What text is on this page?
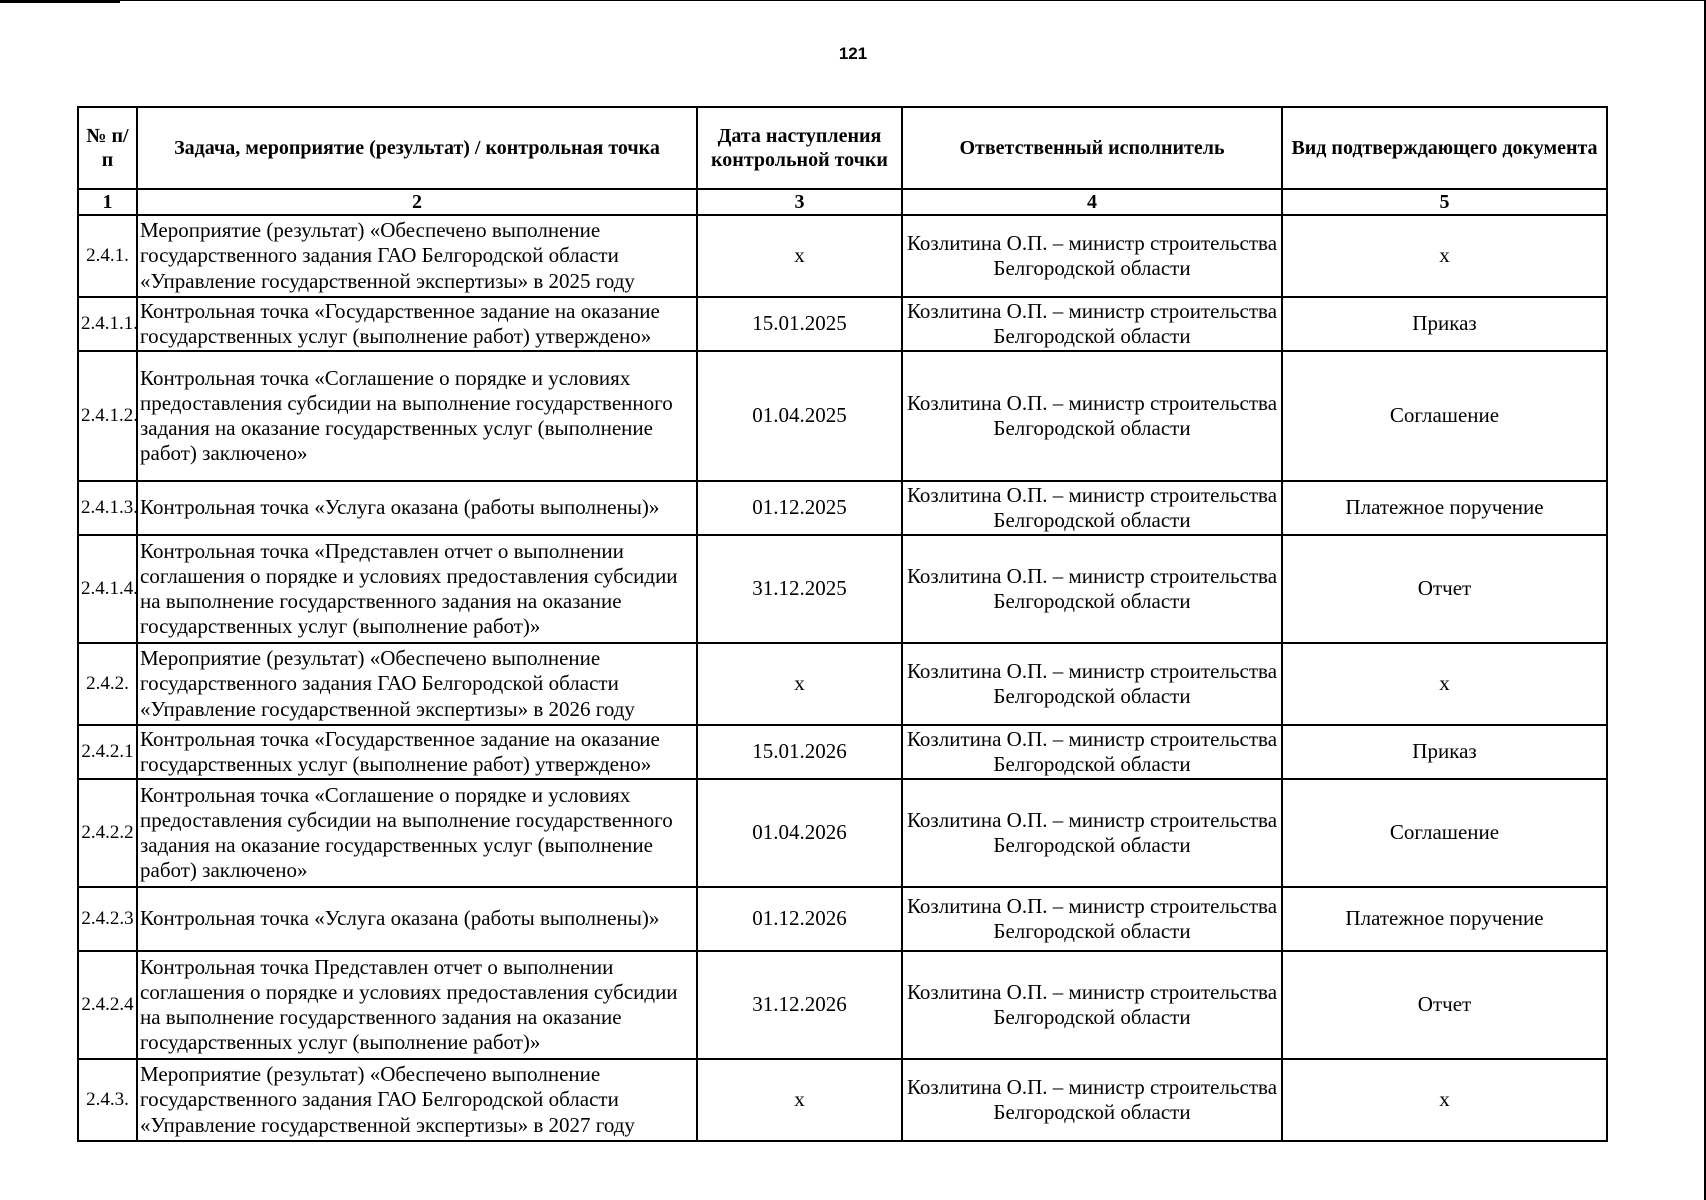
121
№ п/п	Задача, мероприятие (результат) / контрольная точка	Дата наступления контрольной точки	Ответственный исполнитель	Вид подтверждающего документа
1	2	3	4	5
2.4.1.	Мероприятие (результат) «Обеспечено выполнение государственного задания ГАО Белгородской области «Управление государственной экспертизы» в 2025 году	x	Козлитина О.П. – министр строительства Белгородской области	x
2.4.1.1.	Контрольная точка «Государственное задание на оказание государственных услуг (выполнение работ) утверждено»	15.01.2025	Козлитина О.П. – министр строительства Белгородской области	Приказ
2.4.1.2.	Контрольная точка «Соглашение о порядке и условиях предоставления субсидии на выполнение государственного задания на оказание государственных услуг (выполнение работ) заключено»	01.04.2025	Козлитина О.П. – министр строительства Белгородской области	Соглашение
2.4.1.3.	Контрольная точка «Услуга оказана (работы выполнены)»	01.12.2025	Козлитина О.П. – министр строительства Белгородской области	Платежное поручение
2.4.1.4.	Контрольная точка «Представлен отчет о выполнении соглашения о порядке и условиях предоставления субсидии на выполнение государственного задания на оказание государственных услуг (выполнение работ)»	31.12.2025	Козлитина О.П. – министр строительства Белгородской области	Отчет
2.4.2.	Мероприятие (результат) «Обеспечено выполнение государственного задания ГАО Белгородской области «Управление государственной экспертизы» в 2026 году	x	Козлитина О.П. – министр строительства Белгородской области	x
2.4.2.1	Контрольная точка «Государственное задание на оказание государственных услуг (выполнение работ) утверждено»	15.01.2026	Козлитина О.П. – министр строительства Белгородской области	Приказ
2.4.2.2	Контрольная точка «Соглашение о порядке и условиях предоставления субсидии на выполнение государственного задания на оказание государственных услуг (выполнение работ) заключено»	01.04.2026	Козлитина О.П. – министр строительства Белгородской области	Соглашение
2.4.2.3	Контрольная точка «Услуга оказана (работы выполнены)»	01.12.2026	Козлитина О.П. – министр строительства Белгородской области	Платежное поручение
2.4.2.4	Контрольная точка Представлен отчет о выполнении соглашения о порядке и условиях предоставления субсидии на выполнение государственного задания на оказание государственных услуг (выполнение работ)»	31.12.2026	Козлитина О.П. – министр строительства Белгородской области	Отчет
2.4.3.	Мероприятие (результат) «Обеспечено выполнение государственного задания ГАО Белгородской области «Управление государственной экспертизы» в 2027 году	x	Козлитина О.П. – министр строительства Белгородской области	x
